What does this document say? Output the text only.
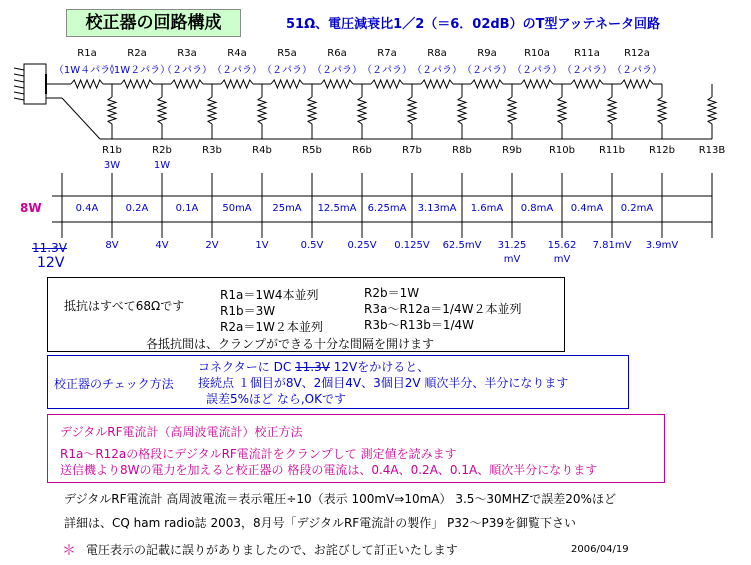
校正器の回路構成	51Ω、電圧減衰比1／2（＝6．02dB）のT型アッテネータ回路
8W
11.3V
12V
R1a
（1W４パラ）
R2a
（1W２パラ）
R3a
（２パラ）
R4a
（２パラ）
R5a
（２パラ）
R6a
（２パラ）
R7a
（２パラ）
R8a
（２パラ）
R9a
（２パラ）
R10a
（２パラ）
R11a
（２パラ）
R12a
（２パラ）
R1b
3W
R2b
1W
R3b	R4b	R5b	R6b	R7b	R8b	R9b	R10b	R11b	R12b	R13B
0.4A	0.2A	0.1A	50mA	25mA	12.5mA	6.25mA	3.13mA	1.6mA	0.8mA	0.4mA	0.2mA
8V	4V	2V	1V	0.5V	0.25V	0.125V	62.5mV	31.25
mV
15.62
mV
7.81mV	3.9mV
抵抗はすべて68Ωです
R1a＝1W4本並列
R1b＝3W
R2a＝1W２本並列
R2b＝1W
R3a～R12a＝1/4W２本並列
R3b～R13b＝1/4W
各抵抗間は、クランプができる十分な間隔を開けます
校正器のチェック方法
コネクターに DC 11.3V 12Vをかけると、
接続点 １個目が8V、2個目4V、3個目2V 順次半分、半分になります
誤差5%ほど なら,OKです
デジタルRF電流計（高周波電流計）校正方法
R1a～R12aの格段にデジタルRF電流計をクランプして 測定値を読みます
送信機より8Wの電力を加えると校正器の 格段の電流は、0.4A、0.2A、0.1A、順次半分になります
デジタルRF電流計 高周波電流＝表示電圧÷10（表示 100mV⇒10mA） 3.5～30MHZで誤差20%ほど
詳細は、CQ ham radio誌 2003，8月号「デジタルRF電流計の製作」 P32～P39を御覧下さい
＊ 電圧表示の記載に誤りがありましたので、お詫びして訂正いたします	2006/04/19
